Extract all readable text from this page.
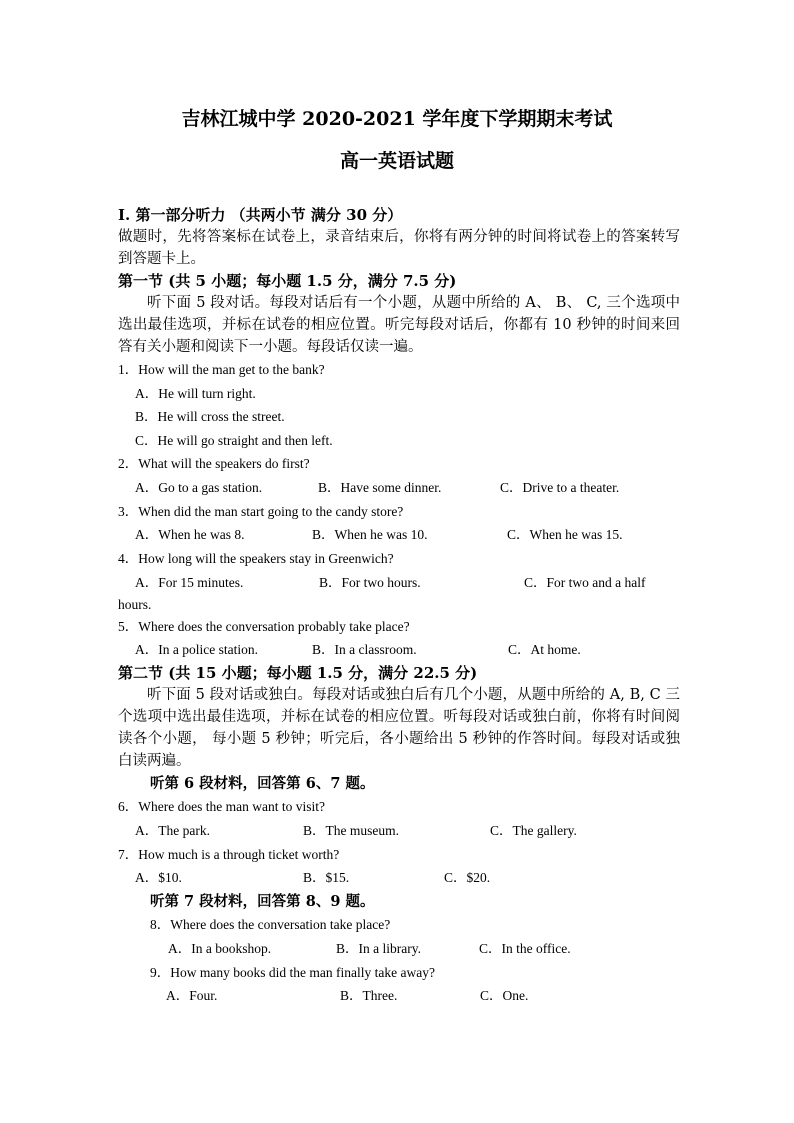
吉林江城中学 2020-2021 学年度下学期期末考试
高一英语试题
Ⅰ. 第一部分听力 （共两小节 满分 30 分）
做题时，先将答案标在试卷上，录音结束后，你将有两分钟的时间将试卷上的答案转写到答题卡上。
第一节 (共 5 小题；每小题 1.5 分，满分 7.5 分)
听下面 5 段对话。每段对话后有一个小题，从题中所给的 A、 B、 C, 三个选项中选出最佳选项，并标在试卷的相应位置。听完每段对话后，你都有 10 秒钟的时间来回答有关小题和阅读下一小题。每段话仅读一遍。
1．How will the man get to the bank?
A．He will turn right.
B．He will cross the street.
C．He will go straight and then left.
2．What will the speakers do first?
A．Go to a gas station.	B．Have some dinner.	C．Drive to a theater.
3．When did the man start going to the candy store?
A．When he was 8.	B．When he was 10.	C．When he was 15.
4．How long will the speakers stay in Greenwich?
A．For 15 minutes.	B．For two hours.	C．For two and a half
hours.
5．Where does the conversation probably take place?
A．In a police station.	B．In a classroom.	C．At home.
第二节 (共 15 小题；每小题 1.5 分，满分 22.5 分)
听下面 5 段对话或独白。每段对话或独白后有几个小题，从题中所给的 A, B, C 三个选项中选出最佳选项，并标在试卷的相应位置。听每段对话或独白前，你将有时间阅读各个小题， 每小题 5 秒钟；听完后，各小题给出 5 秒钟的作答时间。每段对话或独白读两遍。
听第 6 段材料，回答第 6、7 题。
6．Where does the man want to visit?
A．The park.	B．The museum.	C．The gallery.
7．How much is a through ticket worth?
A．$10.	B．$15.	C．$20.
听第 7 段材料，回答第 8、9 题。
8．Where does the conversation take place?
A．In a bookshop.	B．In a library.	C．In the office.
9．How many books did the man finally take away?
A．Four.	B．Three.	C．One.
